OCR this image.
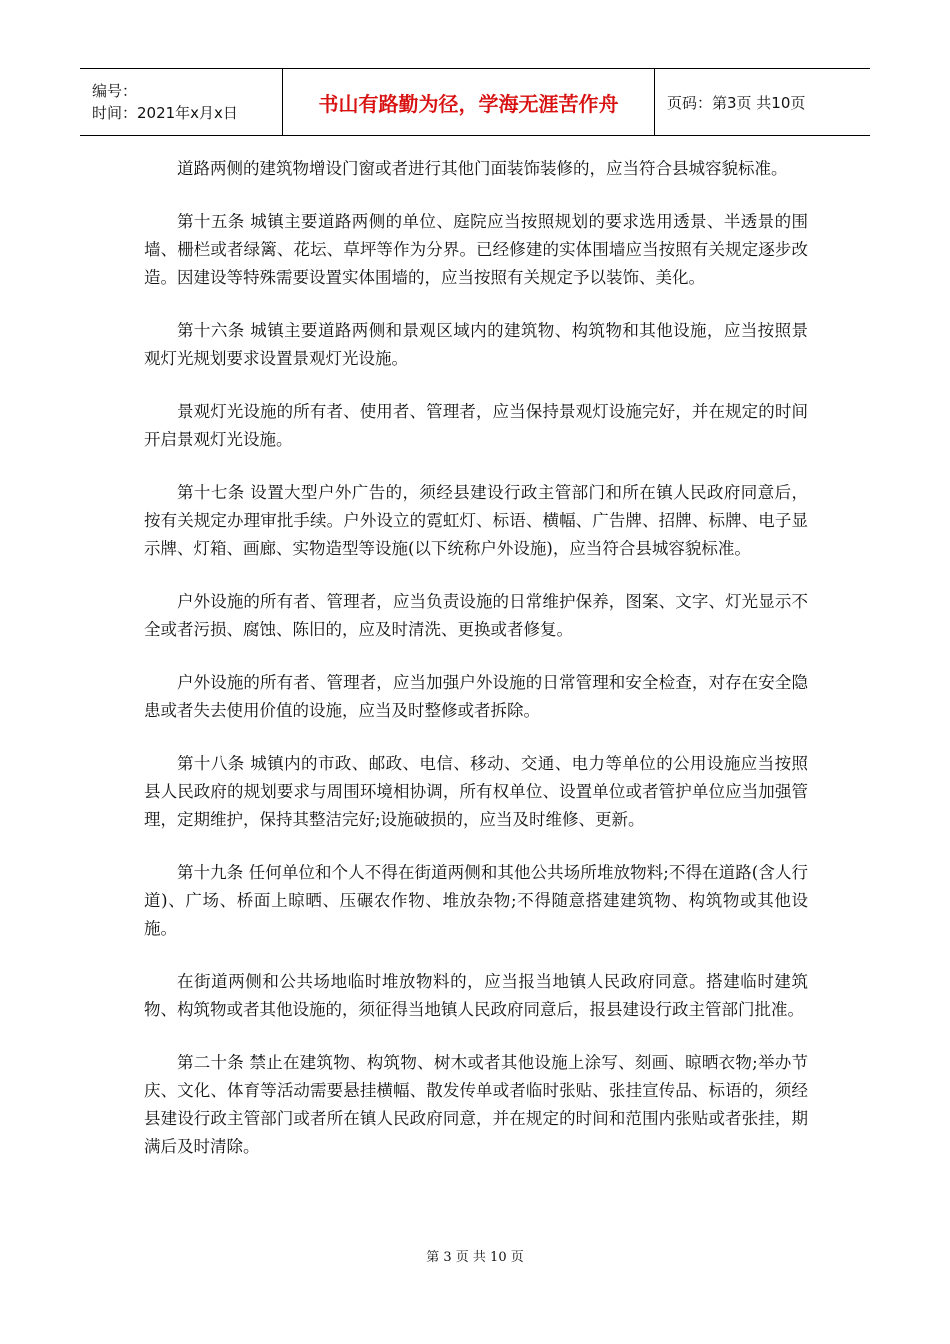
编号：
时间：2021年x月x日	书山有路勤为径，学海无涯苦作舟	页码：第3页 共10页

道路两侧的建筑物增设门窗或者进行其他门面装饰装修的，应当符合县城容貌标准。

第十五条 城镇主要道路两侧的单位、庭院应当按照规划的要求选用透景、半透景的围墙、栅栏或者绿篱、花坛、草坪等作为分界。已经修建的实体围墙应当按照有关规定逐步改造。因建设等特殊需要设置实体围墙的，应当按照有关规定予以装饰、美化。

第十六条 城镇主要道路两侧和景观区域内的建筑物、构筑物和其他设施，应当按照景观灯光规划要求设置景观灯光设施。

景观灯光设施的所有者、使用者、管理者，应当保持景观灯设施完好，并在规定的时间开启景观灯光设施。

第十七条 设置大型户外广告的，须经县建设行政主管部门和所在镇人民政府同意后，按有关规定办理审批手续。户外设立的霓虹灯、标语、横幅、广告牌、招牌、标牌、电子显示牌、灯箱、画廊、实物造型等设施(以下统称户外设施)，应当符合县城容貌标准。

户外设施的所有者、管理者，应当负责设施的日常维护保养，图案、文字、灯光显示不全或者污损、腐蚀、陈旧的，应及时清洗、更换或者修复。

户外设施的所有者、管理者，应当加强户外设施的日常管理和安全检查，对存在安全隐患或者失去使用价值的设施，应当及时整修或者拆除。

第十八条 城镇内的市政、邮政、电信、移动、交通、电力等单位的公用设施应当按照县人民政府的规划要求与周围环境相协调，所有权单位、设置单位或者管护单位应当加强管理，定期维护，保持其整洁完好;设施破损的，应当及时维修、更新。

第十九条 任何单位和个人不得在街道两侧和其他公共场所堆放物料;不得在道路(含人行道)、广场、桥面上晾晒、压碾农作物、堆放杂物;不得随意搭建建筑物、构筑物或其他设施。

在街道两侧和公共场地临时堆放物料的，应当报当地镇人民政府同意。搭建临时建筑物、构筑物或者其他设施的，须征得当地镇人民政府同意后，报县建设行政主管部门批准。

第二十条 禁止在建筑物、构筑物、树木或者其他设施上涂写、刻画、晾晒衣物;举办节庆、文化、体育等活动需要悬挂横幅、散发传单或者临时张贴、张挂宣传品、标语的，须经县建设行政主管部门或者所在镇人民政府同意，并在规定的时间和范围内张贴或者张挂，期满后及时清除。

第 3 页 共 10 页
